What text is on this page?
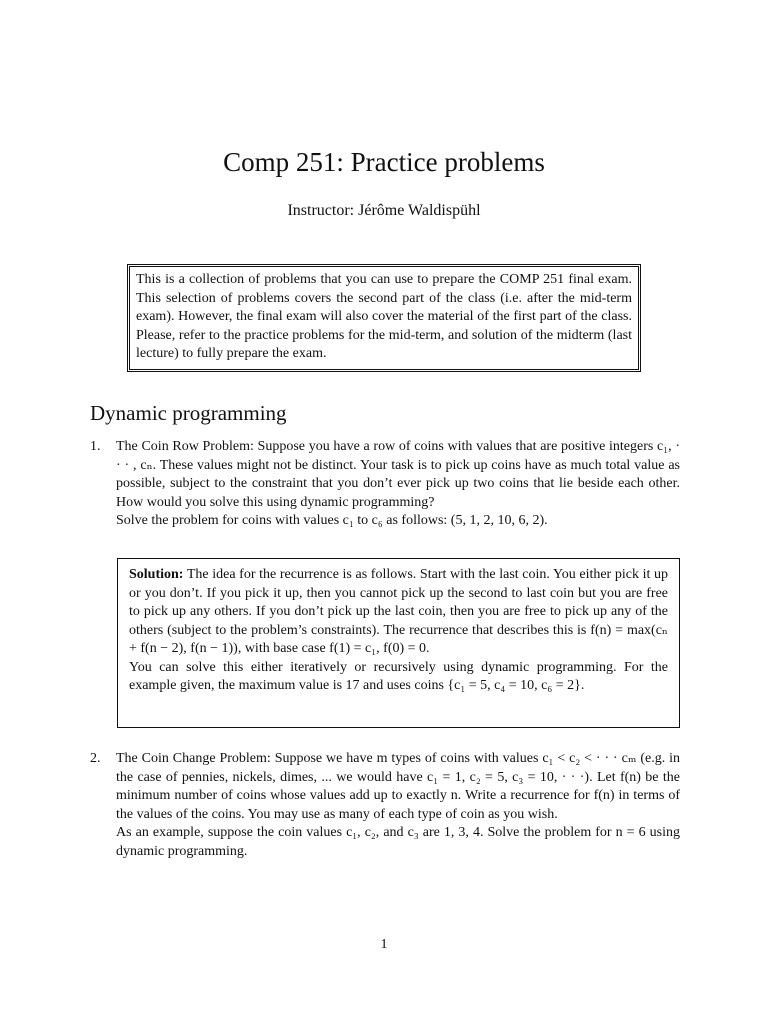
Comp 251: Practice problems
Instructor: Jérôme Waldispühl
This is a collection of problems that you can use to prepare the COMP 251 final exam. This selection of problems covers the second part of the class (i.e. after the mid-term exam). However, the final exam will also cover the material of the first part of the class. Please, refer to the practice problems for the mid-term, and solution of the midterm (last lecture) to fully prepare the exam.
Dynamic programming
1. The Coin Row Problem: Suppose you have a row of coins with values that are positive integers c₁, · · · , cₙ. These values might not be distinct. Your task is to pick up coins have as much total value as possible, subject to the constraint that you don’t ever pick up two coins that lie beside each other. How would you solve this using dynamic programming?
Solve the problem for coins with values c₁ to c₆ as follows: (5, 1, 2, 10, 6, 2).
Solution: The idea for the recurrence is as follows. Start with the last coin. You either pick it up or you don’t. If you pick it up, then you cannot pick up the second to last coin but you are free to pick up any others. If you don’t pick up the last coin, then you are free to pick up any of the others (subject to the problem’s constraints). The recurrence that describes this is f(n) = max(cₙ + f(n − 2), f(n − 1)), with base case f(1) = c₁, f(0) = 0.
You can solve this either iteratively or recursively using dynamic programming. For the example given, the maximum value is 17 and uses coins {c₁ = 5, c₄ = 10, c₆ = 2}.
2. The Coin Change Problem: Suppose we have m types of coins with values c₁ < c₂ < · · · cₘ (e.g. in the case of pennies, nickels, dimes, ... we would have c₁ = 1, c₂ = 5, c₃ = 10, · · ·). Let f(n) be the minimum number of coins whose values add up to exactly n. Write a recurrence for f(n) in terms of the values of the coins. You may use as many of each type of coin as you wish.
As an example, suppose the coin values c₁, c₂, and c₃ are 1, 3, 4. Solve the problem for n = 6 using dynamic programming.
1
